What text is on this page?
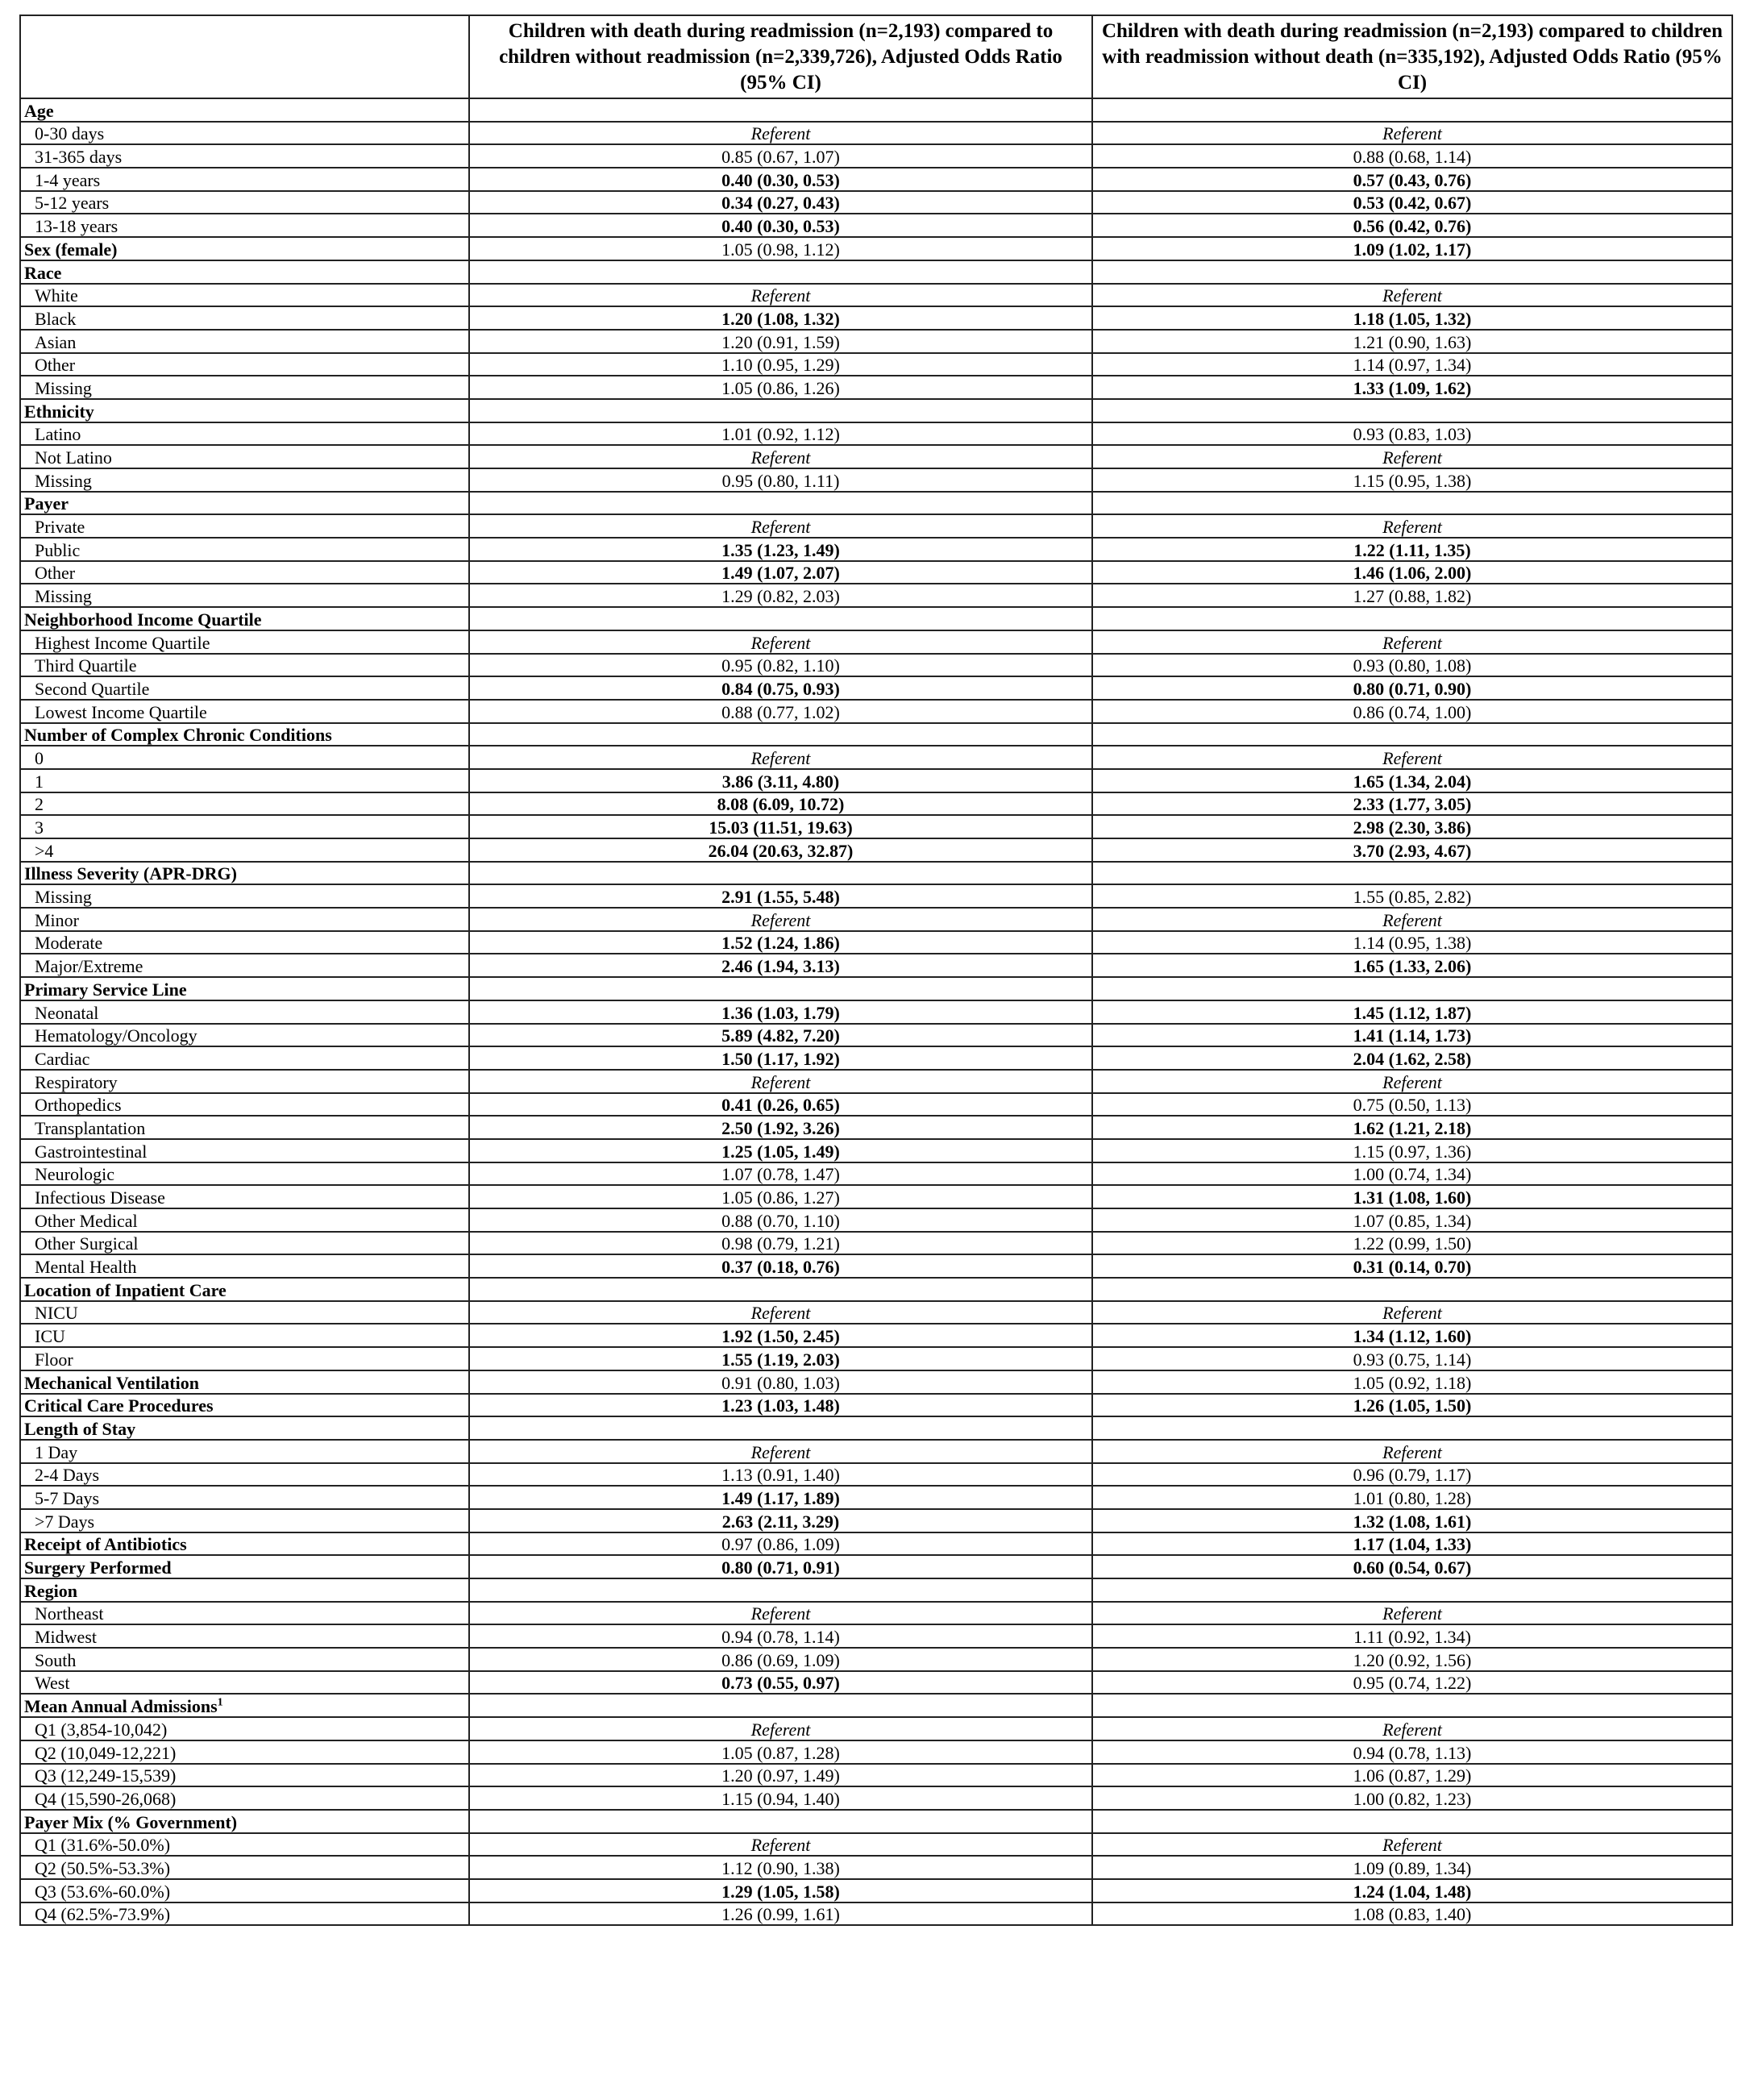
	Children with death during readmission (n=2,193) compared to children without readmission (n=2,339,726), Adjusted Odds Ratio (95% CI)	Children with death during readmission (n=2,193) compared to children with readmission without death (n=335,192), Adjusted Odds Ratio (95% CI)
Age		
0-30 days	Referent	Referent
31-365 days	0.85 (0.67, 1.07)	0.88 (0.68, 1.14)
1-4 years	0.40 (0.30, 0.53)	0.57 (0.43, 0.76)
5-12 years	0.34 (0.27, 0.43)	0.53 (0.42, 0.67)
13-18 years	0.40 (0.30, 0.53)	0.56 (0.42, 0.76)
Sex (female)	1.05 (0.98, 1.12)	1.09 (1.02, 1.17)
Race		
White	Referent	Referent
Black	1.20 (1.08, 1.32)	1.18 (1.05, 1.32)
Asian	1.20 (0.91, 1.59)	1.21 (0.90, 1.63)
Other	1.10 (0.95, 1.29)	1.14 (0.97, 1.34)
Missing	1.05 (0.86, 1.26)	1.33 (1.09, 1.62)
Ethnicity		
Latino	1.01 (0.92, 1.12)	0.93 (0.83, 1.03)
Not Latino	Referent	Referent
Missing	0.95 (0.80, 1.11)	1.15 (0.95, 1.38)
Payer		
Private	Referent	Referent
Public	1.35 (1.23, 1.49)	1.22 (1.11, 1.35)
Other	1.49 (1.07, 2.07)	1.46 (1.06, 2.00)
Missing	1.29 (0.82, 2.03)	1.27 (0.88, 1.82)
Neighborhood Income Quartile		
Highest Income Quartile	Referent	Referent
Third Quartile	0.95 (0.82, 1.10)	0.93 (0.80, 1.08)
Second Quartile	0.84 (0.75, 0.93)	0.80 (0.71, 0.90)
Lowest Income Quartile	0.88 (0.77, 1.02)	0.86 (0.74, 1.00)
Number of Complex Chronic Conditions		
0	Referent	Referent
1	3.86 (3.11, 4.80)	1.65 (1.34, 2.04)
2	8.08 (6.09, 10.72)	2.33 (1.77, 3.05)
3	15.03 (11.51, 19.63)	2.98 (2.30, 3.86)
>4	26.04 (20.63, 32.87)	3.70 (2.93, 4.67)
Illness Severity (APR-DRG)		
Missing	2.91 (1.55, 5.48)	1.55 (0.85, 2.82)
Minor	Referent	Referent
Moderate	1.52 (1.24, 1.86)	1.14 (0.95, 1.38)
Major/Extreme	2.46 (1.94, 3.13)	1.65 (1.33, 2.06)
Primary Service Line		
Neonatal	1.36 (1.03, 1.79)	1.45 (1.12, 1.87)
Hematology/Oncology	5.89 (4.82, 7.20)	1.41 (1.14, 1.73)
Cardiac	1.50 (1.17, 1.92)	2.04 (1.62, 2.58)
Respiratory	Referent	Referent
Orthopedics	0.41 (0.26, 0.65)	0.75 (0.50, 1.13)
Transplantation	2.50 (1.92, 3.26)	1.62 (1.21, 2.18)
Gastrointestinal	1.25 (1.05, 1.49)	1.15 (0.97, 1.36)
Neurologic	1.07 (0.78, 1.47)	1.00 (0.74, 1.34)
Infectious Disease	1.05 (0.86, 1.27)	1.31 (1.08, 1.60)
Other Medical	0.88 (0.70, 1.10)	1.07 (0.85, 1.34)
Other Surgical	0.98 (0.79, 1.21)	1.22 (0.99, 1.50)
Mental Health	0.37 (0.18, 0.76)	0.31 (0.14, 0.70)
Location of Inpatient Care		
NICU	Referent	Referent
ICU	1.92 (1.50, 2.45)	1.34 (1.12, 1.60)
Floor	1.55 (1.19, 2.03)	0.93 (0.75, 1.14)
Mechanical Ventilation	0.91 (0.80, 1.03)	1.05 (0.92, 1.18)
Critical Care Procedures	1.23 (1.03, 1.48)	1.26 (1.05, 1.50)
Length of Stay		
1 Day	Referent	Referent
2-4 Days	1.13 (0.91, 1.40)	0.96 (0.79, 1.17)
5-7 Days	1.49 (1.17, 1.89)	1.01 (0.80, 1.28)
>7 Days	2.63 (2.11, 3.29)	1.32 (1.08, 1.61)
Receipt of Antibiotics	0.97 (0.86, 1.09)	1.17 (1.04, 1.33)
Surgery Performed	0.80 (0.71, 0.91)	0.60 (0.54, 0.67)
Region		
Northeast	Referent	Referent
Midwest	0.94 (0.78, 1.14)	1.11 (0.92, 1.34)
South	0.86 (0.69, 1.09)	1.20 (0.92, 1.56)
West	0.73 (0.55, 0.97)	0.95 (0.74, 1.22)
Mean Annual Admissions$^1$		
Q1 (3,854-10,042)	Referent	Referent
Q2 (10,049-12,221)	1.05 (0.87, 1.28)	0.94 (0.78, 1.13)
Q3 (12,249-15,539)	1.20 (0.97, 1.49)	1.06 (0.87, 1.29)
Q4 (15,590-26,068)	1.15 (0.94, 1.40)	1.00 (0.82, 1.23)
Payer Mix (% Government)		
Q1 (31.6%-50.0%)	Referent	Referent
Q2 (50.5%-53.3%)	1.12 (0.90, 1.38)	1.09 (0.89, 1.34)
Q3 (53.6%-60.0%)	1.29 (1.05, 1.58)	1.24 (1.04, 1.48)
Q4 (62.5%-73.9%)	1.26 (0.99, 1.61)	1.08 (0.83, 1.40)
